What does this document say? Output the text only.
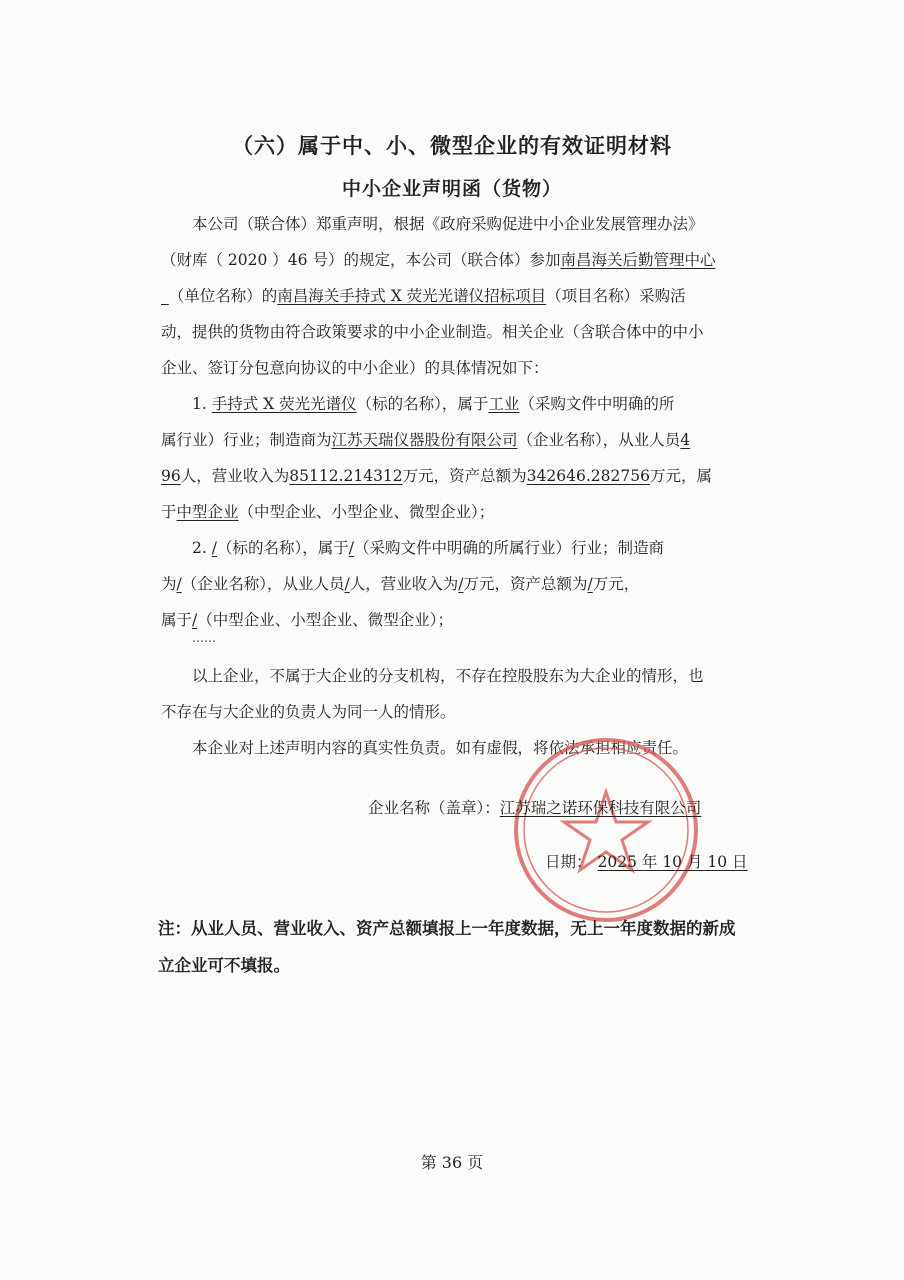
（六）属于中、小、微型企业的有效证明材料
中小企业声明函（货物）
本公司（联合体）郑重声明，根据《政府采购促进中小企业发展管理办法》
（财库（ 2020 ）46 号）的规定，本公司（联合体）参加南昌海关后勤管理中心
_（单位名称）的南昌海关手持式 X 荧光光谱仪招标项目（项目名称）采购活
动，提供的货物由符合政策要求的中小企业制造。相关企业（含联合体中的中小
企业、签订分包意向协议的中小企业）的具体情况如下：
1. 手持式 X 荧光光谱仪（标的名称），属于工业（采购文件中明确的所
属行业）行业；制造商为江苏天瑞仪器股份有限公司（企业名称），从业人员4
96人，营业收入为85112.214312万元，资产总额为342646.282756万元，属
于中型企业（中型企业、小型企业、微型企业）；
2. /（标的名称），属于/（采购文件中明确的所属行业）行业；制造商
为/（企业名称），从业人员/人，营业收入为/万元，资产总额为/万元，
属于/（中型企业、小型企业、微型企业）；
……
以上企业，不属于大企业的分支机构，不存在控股股东为大企业的情形，也
不存在与大企业的负责人为同一人的情形。
本企业对上述声明内容的真实性负责。如有虚假，将依法承担相应责任。
企业名称（盖章）：江苏瑞之诺环保科技有限公司
日期： 2025 年 10 月 10 日
注：从业人员、营业收入、资产总额填报上一年度数据，无上一年度数据的新成
立企业可不填报。
第 36 页
